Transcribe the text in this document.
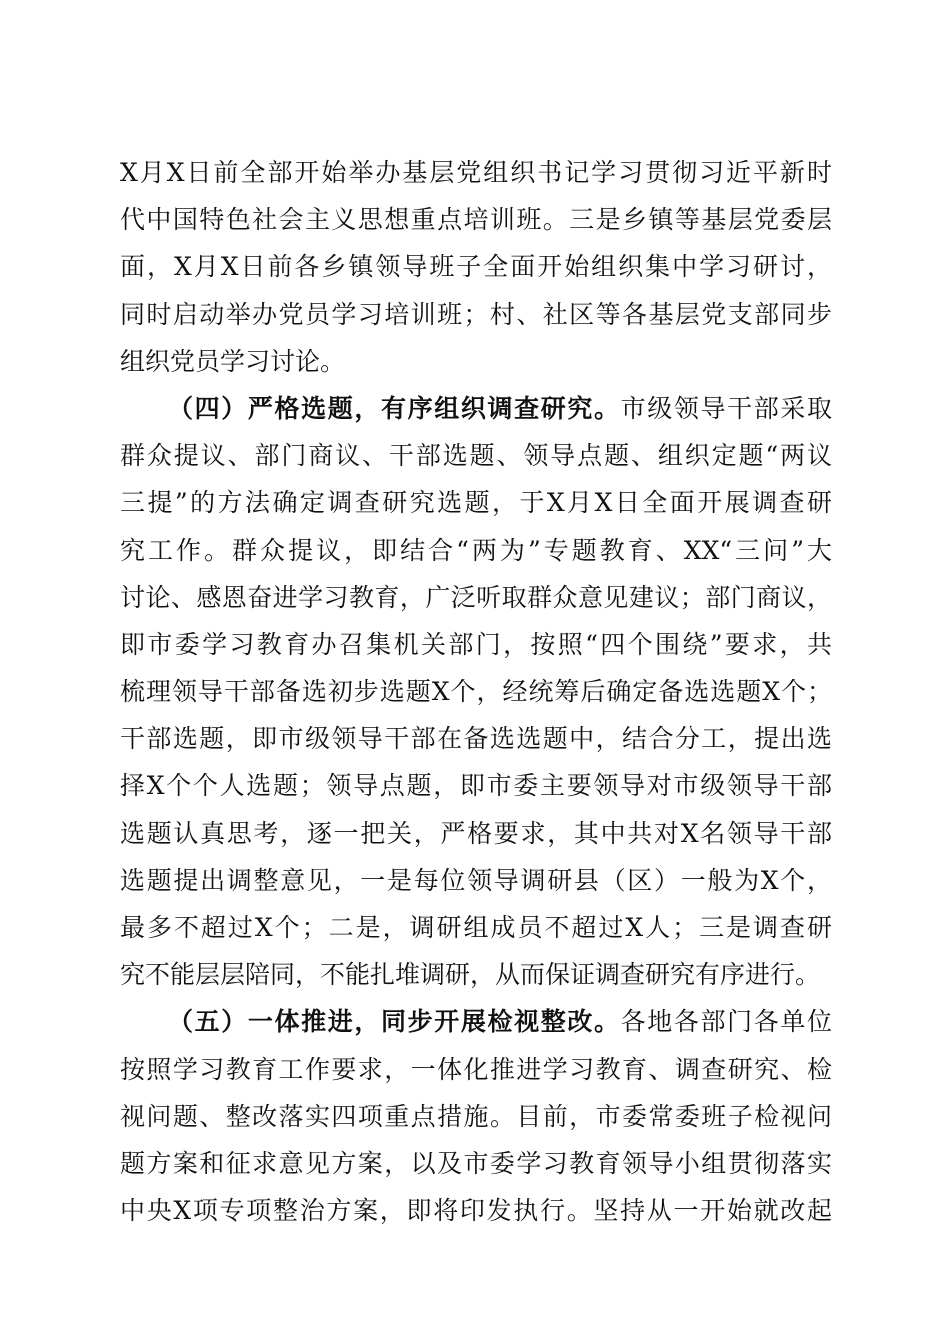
X月X日前全部开始举办基层党组织书记学习贯彻习近平新时
代中国特色社会主义思想重点培训班。三是乡镇等基层党委层
面，X月X日前各乡镇领导班子全面开始组织集中学习研讨，
同时启动举办党员学习培训班；村、社区等各基层党支部同步
组织党员学习讨论。
（四）严格选题，有序组织调查研究。市级领导干部采取
群众提议、部门商议、干部选题、领导点题、组织定题“两议
三提”的方法确定调查研究选题，于X月X日全面开展调查研
究工作。群众提议，即结合“两为”专题教育、XX“三问”大
讨论、感恩奋进学习教育，广泛听取群众意见建议；部门商议，
即市委学习教育办召集机关部门，按照“四个围绕”要求，共
梳理领导干部备选初步选题X个，经统筹后确定备选选题X个；
干部选题，即市级领导干部在备选选题中，结合分工，提出选
择X个个人选题；领导点题，即市委主要领导对市级领导干部
选题认真思考，逐一把关，严格要求，其中共对X名领导干部
选题提出调整意见，一是每位领导调研县（区）一般为X个，
最多不超过X个；二是，调研组成员不超过X人；三是调查研
究不能层层陪同，不能扎堆调研，从而保证调查研究有序进行。
（五）一体推进，同步开展检视整改。各地各部门各单位
按照学习教育工作要求，一体化推进学习教育、调查研究、检
视问题、整改落实四项重点措施。目前，市委常委班子检视问
题方案和征求意见方案，以及市委学习教育领导小组贯彻落实
中央X项专项整治方案，即将印发执行。坚持从一开始就改起
